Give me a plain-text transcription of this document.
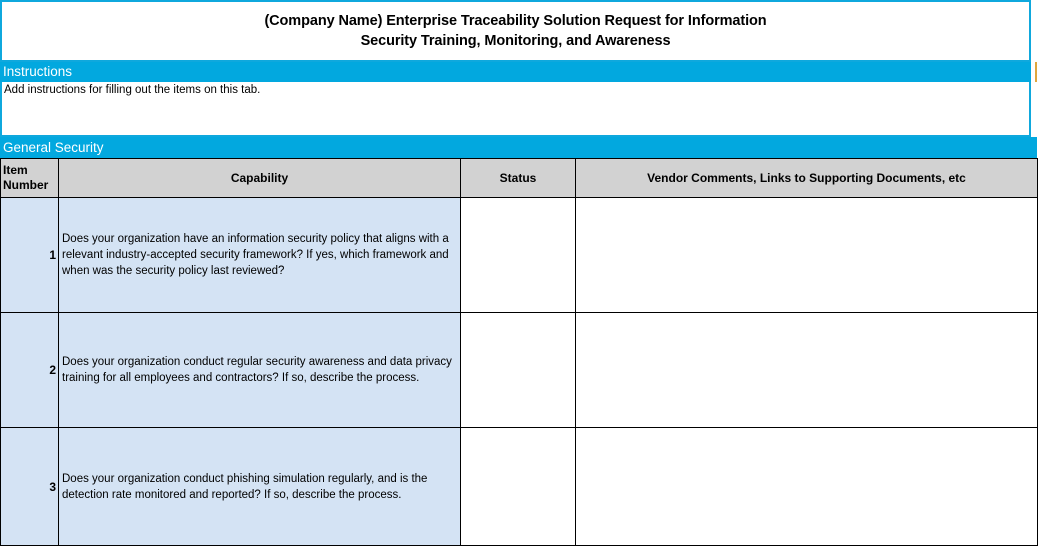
(Company Name) Enterprise Traceability Solution Request for Information
Security Training, Monitoring, and Awareness
Instructions
Add instructions for filling out the items on this tab.
General Security
Item
Number	Capability	Status	Vendor Comments, Links to Supporting Documents, etc
1	Does your organization have an information security policy that aligns with a relevant industry-accepted security framework? If yes, which framework and when was the security policy last reviewed?		
2	Does your organization conduct regular security awareness and data privacy training for all employees and contractors? If so, describe the process.		
3	Does your organization conduct phishing simulation regularly, and is the detection rate monitored and reported? If so, describe the process.		
